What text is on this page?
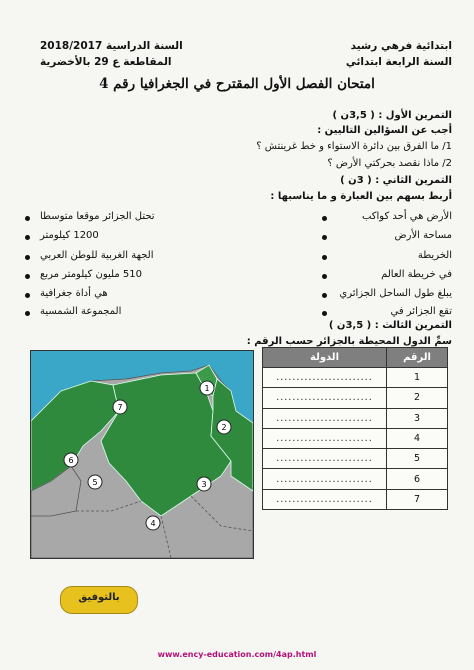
ابتدائية فرهي رشيد
السنة الرابعة ابتدائي
السنة الدراسية 2018/2017
المقاطعة ع 29 بالأخضرية
امتحان الفصل الأول المقترح في الجغرافيا رقم 4
التمرين الأول : ( 3,5ن )
أجب عن السؤالين التاليين :
1/ ما الفرق بين دائرة الاستواء و خط غرينتش ؟
2/ ماذا نقصد بحركتي الأرض ؟
التمرين الثاني : ( 3ن )
أربط بسهم بين العبارة و ما يناسبها :
الأرض هي أحد كواكب
مساحة الأرض
الخريطة
في خريطة العالم
يبلغ طول الساحل الجزائري
تقع الجزائر في
تحتل الجزائر موقعا متوسطا
1200 كيلومتر
الجهة الغربية للوطن العربي
510 مليون كيلومتر مربع
هي أداة جغرافية
المجموعة الشمسية
التمرين الثالث : ( 3,5ن )
سمِّ الدول المحيطة بالجزائر حسب الرقم :
الرقم	الدولة
1	........................
2	........................
3	........................
4	........................
5	........................
6	........................
7	........................
1
2
3
4
5
6
7
بالتوفيق
www.ency-education.com/4ap.html
